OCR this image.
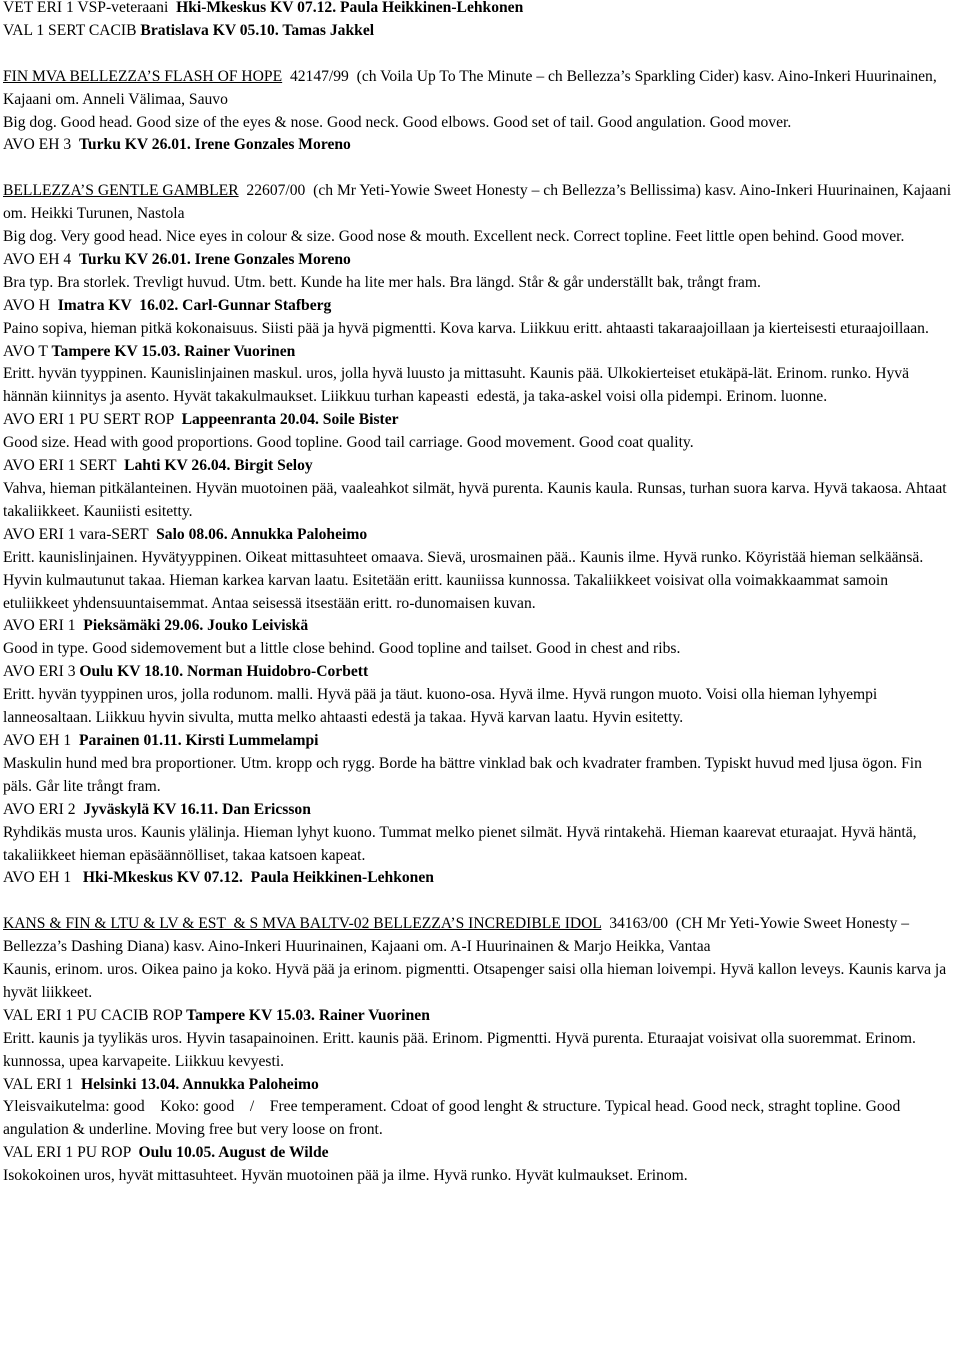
VET ERI 1 VSP-veteraani  Hki-Mkeskus KV 07.12. Paula Heikkinen-Lehkonen
VAL 1 SERT CACIB Bratislava KV 05.10. Tamas Jakkel
FIN MVA BELLEZZA’S FLASH OF HOPE  42147/99  (ch Voila Up To The Minute – ch Bellezza’s Sparkling Cider) kasv. Aino-Inkeri Huurinainen, Kajaani om. Anneli Välimaa, Sauvo
Big dog. Good head. Good size of the eyes & nose. Good neck. Good elbows. Good set of tail. Good angulation. Good mover.
AVO EH 3  Turku KV 26.01. Irene Gonzales Moreno
BELLEZZA’S GENTLE GAMBLER  22607/00  (ch Mr Yeti-Yowie Sweet Honesty – ch Bellezza’s Bellissima) kasv. Aino-Inkeri Huurinainen, Kajaani om. Heikki Turunen, Nastola
Big dog. Very good head. Nice eyes in colour & size. Good nose & mouth. Excellent neck. Correct topline. Feet little open behind. Good mover.
AVO EH 4  Turku KV 26.01. Irene Gonzales Moreno
Bra typ. Bra storlek. Trevligt huvud. Utm. bett. Kunde ha lite mer hals. Bra längd. Står & går underställt bak, trångt fram.
AVO H  Imatra KV  16.02. Carl-Gunnar Stafberg
Paino sopiva, hieman pitkä kokonaisuus. Siisti pää ja hyvä pigmentti. Kova karva. Liikkuu eritt. ahtaasti takaraajoillaan ja kierteisesti eturaajoillaan.
AVO T Tampere KV 15.03. Rainer Vuorinen
Eritt. hyvän tyyppinen. Kaunislinjainen maskul. uros, jolla hyvä luusto ja mittasuht. Kaunis pää. Ulkokierteiset etukäpä-lät. Erinom. runko. Hyvä hännän kiinnitys ja asento. Hyvät takakulmaukset. Liikkuu turhan kapeasti  edestä, ja taka-askel voisi olla pidempi. Erinom. luonne.
AVO ERI 1 PU SERT ROP  Lappeenranta 20.04. Soile Bister
Good size. Head with good proportions. Good topline. Good tail carriage. Good movement. Good coat quality.
AVO ERI 1 SERT  Lahti KV 26.04. Birgit Seloy
Vahva, hieman pitkälanteinen. Hyvän muotoinen pää, vaaleahkot silmät, hyvä purenta. Kaunis kaula. Runsas, turhan suora karva. Hyvä takaosa. Ahtaat takaliikkeet. Kauniisti esitetty.
AVO ERI 1 vara-SERT  Salo 08.06. Annukka Paloheimo
Eritt. kaunislinjainen. Hyvätyyppinen. Oikeat mittasuhteet omaava. Sievä, urosmainen pää.. Kaunis ilme. Hyvä runko. Köyristää hieman selkäänsä. Hyvin kulmautunut takaa. Hieman karkea karvan laatu. Esitetään eritt. kauniissa kunnossa. Takaliikkeet voisivat olla voimakkaammat samoin etuliikkeet yhdensuuntaisemmat. Antaa seisessä itsestään eritt. ro-dunomaisen kuvan.
AVO ERI 1  Pieksämäki 29.06. Jouko Leiviskä
Good in type. Good sidemovement but a little close behind. Good topline and tailset. Good in chest and ribs.
AVO ERI 3 Oulu KV 18.10. Norman Huidobro-Corbett
Eritt. hyvän tyyppinen uros, jolla rodunom. malli. Hyvä pää ja täut. kuono-osa. Hyvä ilme. Hyvä rungon muoto. Voisi olla hieman lyhyempi lanneosaltaan. Liikkuu hyvin sivulta, mutta melko ahtaasti edestä ja takaa. Hyvä karvan laatu. Hyvin esitetty.
AVO EH 1  Parainen 01.11. Kirsti Lummelampi
Maskulin hund med bra proportioner. Utm. kropp och rygg. Borde ha bättre vinklad bak och kvadrater framben. Typiskt huvud med ljusa ögon. Fin päls. Går lite trångt fram.
AVO ERI 2  Jyväskylä KV 16.11. Dan Ericsson
Ryhdikäs musta uros. Kaunis ylälinja. Hieman lyhyt kuono. Tummat melko pienet silmät. Hyvä rintakehä. Hieman kaarevat eturaajat. Hyvä häntä, takaliikkeet hieman epäsäännölliset, takaa katsoen kapeat.
AVO EH 1   Hki-Mkeskus KV 07.12.  Paula Heikkinen-Lehkonen
KANS & FIN & LTU & LV & EST  & S MVA BALTV-02 BELLEZZA’S INCREDIBLE IDOL  34163/00  (CH Mr Yeti-Yowie Sweet Honesty – Bellezza’s Dashing Diana) kasv. Aino-Inkeri Huurinainen, Kajaani om. A-I Huurinainen & Marjo Heikka, Vantaa
Kaunis, erinom. uros. Oikea paino ja koko. Hyvä pää ja erinom. pigmentti. Otsapenger saisi olla hieman loivempi. Hyvä kallon leveys. Kaunis karva ja hyvät liikkeet.
VAL ERI 1 PU CACIB ROP Tampere KV 15.03. Rainer Vuorinen
Eritt. kaunis ja tyylikäs uros. Hyvin tasapainoinen. Eritt. kaunis pää. Erinom. Pigmentti. Hyvä purenta. Eturaajat voisivat olla suoremmat. Erinom. kunnossa, upea karvapeite. Liikkuu kevyesti.
VAL ERI 1  Helsinki 13.04. Annukka Paloheimo
Yleisvaikutelma: good    Koko: good    /    Free temperament. Cdoat of good lenght & structure. Typical head. Good neck, straght topline. Good angulation & underline. Moving free but very loose on front.
VAL ERI 1 PU ROP  Oulu 10.05. August de Wilde
Isokokoinen uros, hyvät mittasuhteet. Hyvän muotoinen pää ja ilme. Hyvä runko. Hyvät kulmaukset. Erinom.
